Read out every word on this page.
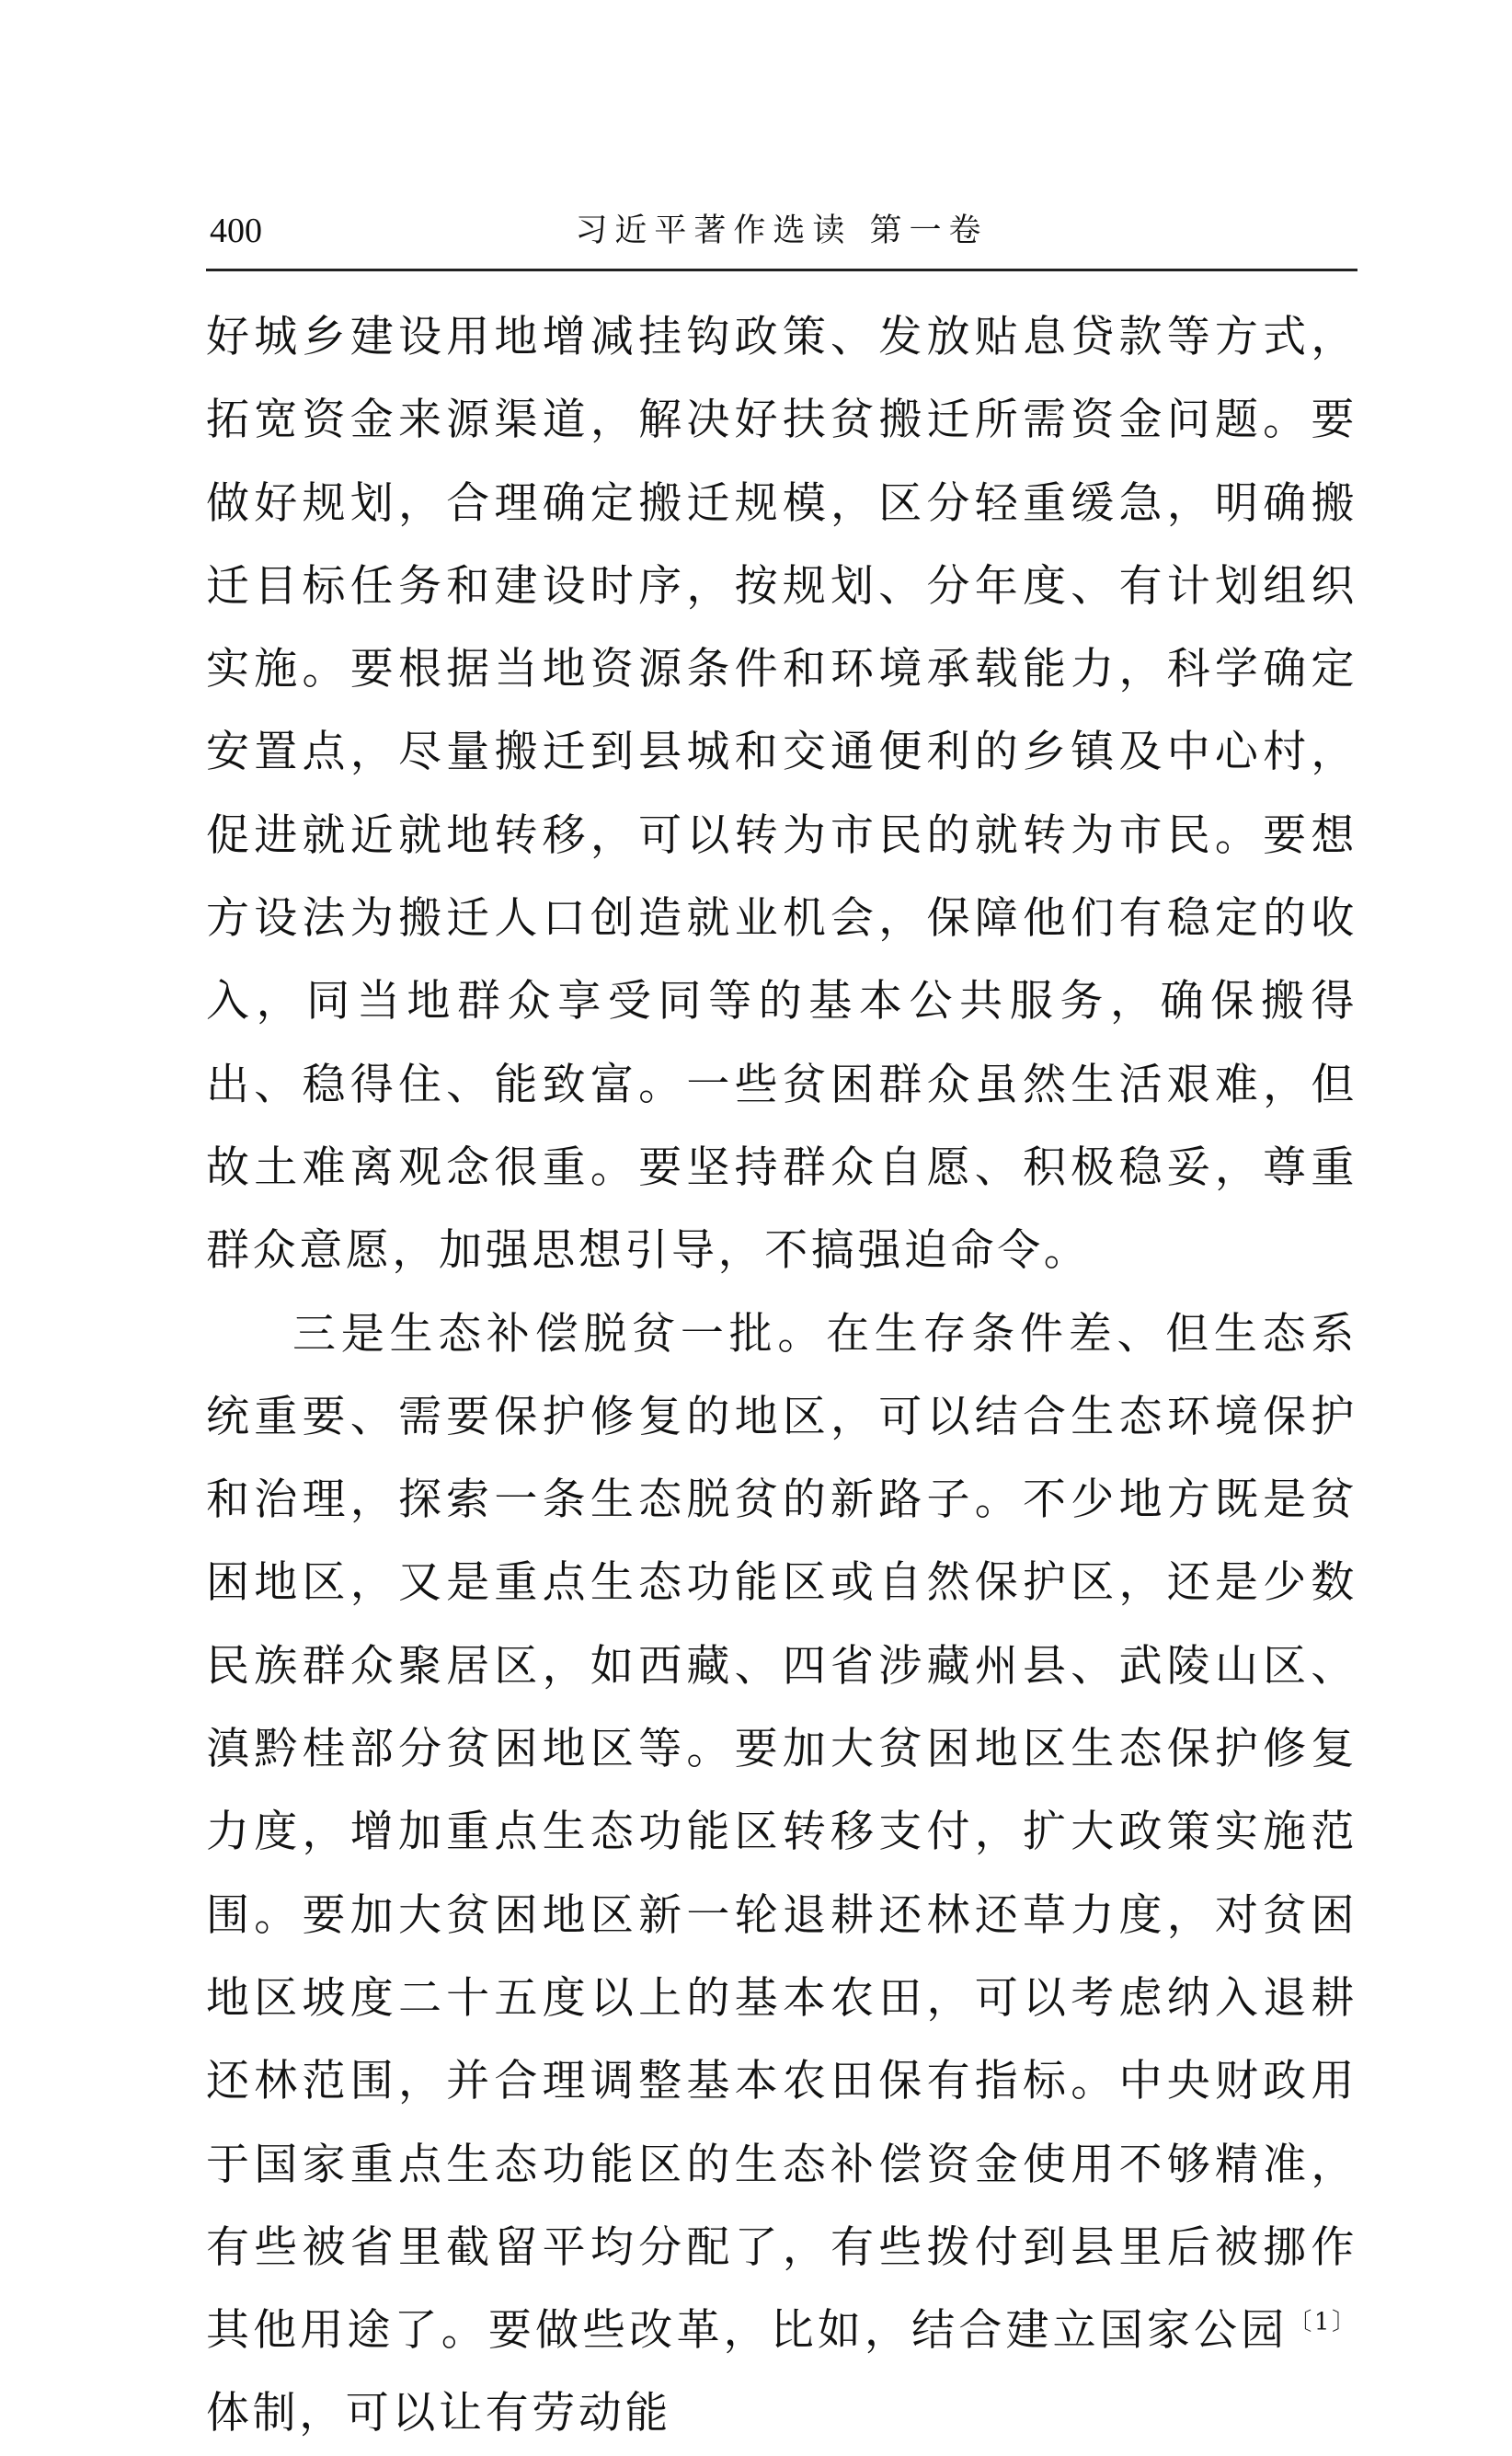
400	习近平著作选读 第一卷

好城乡建设用地增减挂钩政策、发放贴息贷款等方式，拓宽资金来源渠道，解决好扶贫搬迁所需资金问题。要做好规划，合理确定搬迁规模，区分轻重缓急，明确搬迁目标任务和建设时序，按规划、分年度、有计划组织实施。要根据当地资源条件和环境承载能力，科学确定安置点，尽量搬迁到县城和交通便利的乡镇及中心村，促进就近就地转移，可以转为市民的就转为市民。要想方设法为搬迁人口创造就业机会，保障他们有稳定的收入，同当地群众享受同等的基本公共服务，确保搬得出、稳得住、能致富。一些贫困群众虽然生活艰难，但故土难离观念很重。要坚持群众自愿、积极稳妥，尊重群众意愿，加强思想引导，不搞强迫命令。

三是生态补偿脱贫一批。在生存条件差、但生态系统重要、需要保护修复的地区，可以结合生态环境保护和治理，探索一条生态脱贫的新路子。不少地方既是贫困地区，又是重点生态功能区或自然保护区，还是少数民族群众聚居区，如西藏、四省涉藏州县、武陵山区、滇黔桂部分贫困地区等。要加大贫困地区生态保护修复力度，增加重点生态功能区转移支付，扩大政策实施范围。要加大贫困地区新一轮退耕还林还草力度，对贫困地区坡度二十五度以上的基本农田，可以考虑纳入退耕还林范围，并合理调整基本农田保有指标。中央财政用于国家重点生态功能区的生态补偿资金使用不够精准，有些被省里截留平均分配了，有些拨付到县里后被挪作其他用途了。要做些改革，比如，结合建立国家公园$^{〔1〕}$体制，可以让有劳动能
